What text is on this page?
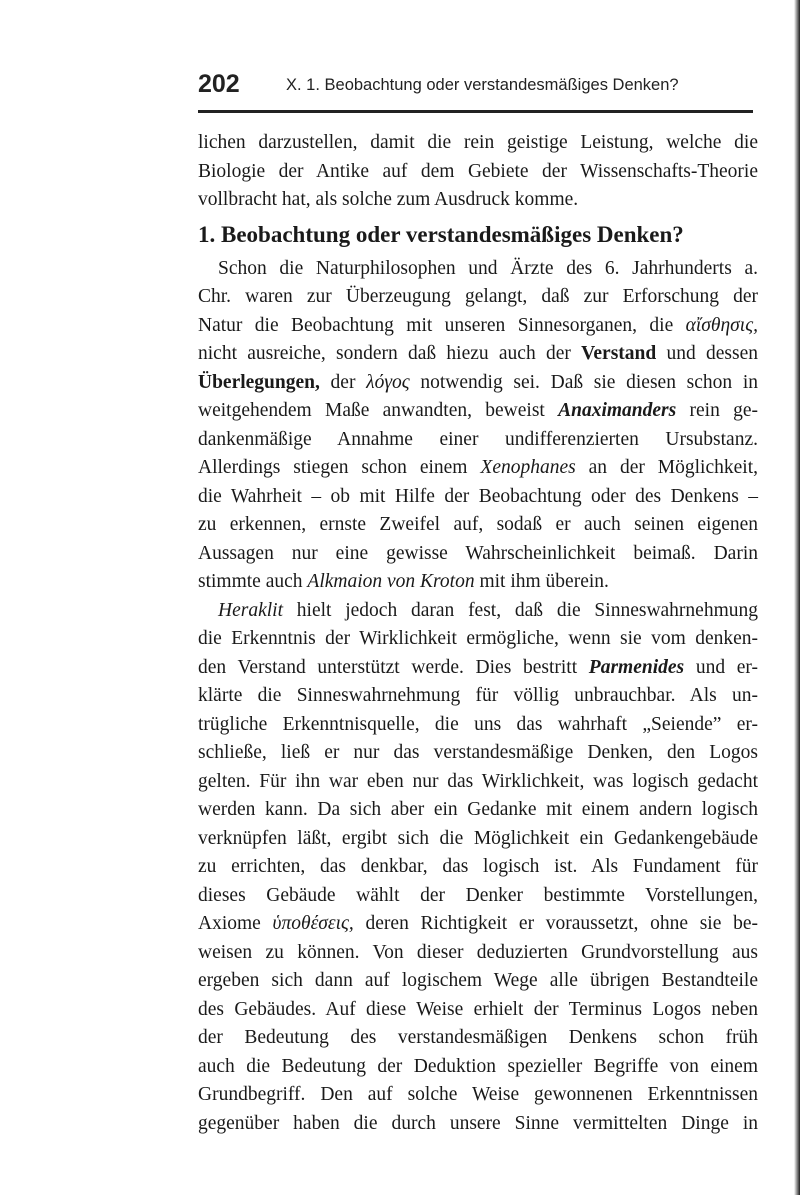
202	X. 1. Beobachtung oder verstandesmäßiges Denken?

lichen darzustellen, damit die rein geistige Leistung, welche die
Biologie der Antike auf dem Gebiete der Wissenschafts-Theorie
vollbracht hat, als solche zum Ausdruck komme.

1. Beobachtung oder verstandesmäßiges Denken?

Schon die Naturphilosophen und Ärzte des 6. Jahrhunderts a.
Chr. waren zur Überzeugung gelangt, daß zur Erforschung der
Natur die Beobachtung mit unseren Sinnesorganen, die αἴσθησις,
nicht ausreiche, sondern daß hiezu auch der Verstand und dessen
Überlegungen, der λόγος notwendig sei. Daß sie diesen schon in
weitgehendem Maße anwandten, beweist Anaximanders rein ge-
dankenmäßige Annahme einer undifferenzierten Ursubstanz.
Allerdings stiegen schon einem Xenophanes an der Möglichkeit,
die Wahrheit – ob mit Hilfe der Beobachtung oder des Denkens –
zu erkennen, ernste Zweifel auf, sodaß er auch seinen eigenen
Aussagen nur eine gewisse Wahrscheinlichkeit beimaß. Darin
stimmte auch Alkmaion von Kroton mit ihm überein.

Heraklit hielt jedoch daran fest, daß die Sinneswahrnehmung
die Erkenntnis der Wirklichkeit ermögliche, wenn sie vom denken-
den Verstand unterstützt werde. Dies bestritt Parmenides und er-
klärte die Sinneswahrnehmung für völlig unbrauchbar. Als un-
trügliche Erkenntnisquelle, die uns das wahrhaft „Seiende” er-
schließe, ließ er nur das verstandesmäßige Denken, den Logos
gelten. Für ihn war eben nur das Wirklichkeit, was logisch gedacht
werden kann. Da sich aber ein Gedanke mit einem andern logisch
verknüpfen läßt, ergibt sich die Möglichkeit ein Gedankengebäude
zu errichten, das denkbar, das logisch ist. Als Fundament für
dieses Gebäude wählt der Denker bestimmte Vorstellungen,
Axiome ὑποθέσεις, deren Richtigkeit er voraussetzt, ohne sie be-
weisen zu können. Von dieser deduzierten Grundvorstellung aus
ergeben sich dann auf logischem Wege alle übrigen Bestandteile
des Gebäudes. Auf diese Weise erhielt der Terminus Logos neben
der Bedeutung des verstandesmäßigen Denkens schon früh
auch die Bedeutung der Deduktion spezieller Begriffe von einem
Grundbegriff. Den auf solche Weise gewonnenen Erkenntnissen
gegenüber haben die durch unsere Sinne vermittelten Dinge in
